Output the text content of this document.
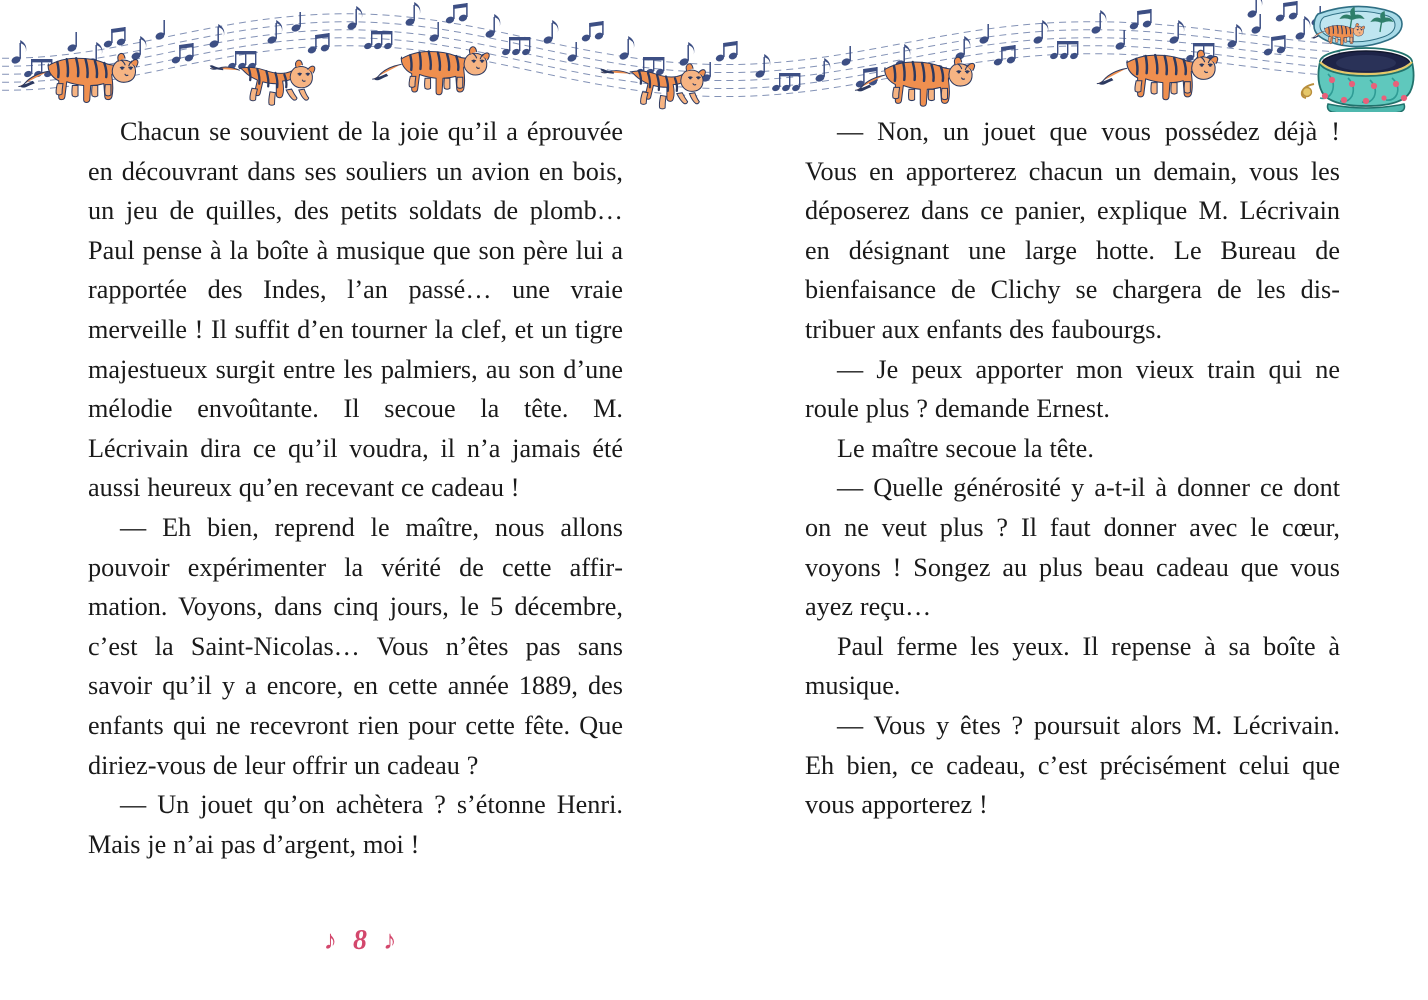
Chacun se souvient de la joie qu’il a éprouvée en découvrant dans ses souliers un avion en bois, un jeu de quilles, des petits soldats de plomb… Paul pense à la boîte à musique que son père lui a rapportée des Indes, l’an passé… une vraie merveille ! Il suffit d’en tourner la clef, et un tigre majestueux surgit entre les palmiers, au son d’une mélodie envoûtante. Il secoue la tête. M. Lécrivain dira ce qu’il voudra, il n’a jamais été aussi heureux qu’en recevant ce cadeau !

— Eh bien, reprend le maître, nous allons pouvoir expérimenter la vérité de cette affirmation. Voyons, dans cinq jours, le 5 décembre, c’est la Saint-Nicolas… Vous n’êtes pas sans savoir qu’il y a encore, en cette année 1889, des enfants qui ne recevront rien pour cette fête. Que diriez-vous de leur offrir un cadeau ?

— Un jouet qu’on achètera ? s’étonne Henri. Mais je n’ai pas d’argent, moi !

— Non, un jouet que vous possédez déjà ! Vous en apporterez chacun un demain, vous les déposerez dans ce panier, explique M. Lécrivain en désignant une large hotte. Le Bureau de bienfaisance de Clichy se chargera de les distribuer aux enfants des faubourgs.

— Je peux apporter mon vieux train qui ne roule plus ? demande Ernest.

Le maître secoue la tête.

— Quelle générosité y a-t-il à donner ce dont on ne veut plus ? Il faut donner avec le cœur, voyons ! Songez au plus beau cadeau que vous ayez reçu…

Paul ferme les yeux. Il repense à sa boîte à musique.

— Vous y êtes ? poursuit alors M. Lécrivain. Eh bien, ce cadeau, c’est précisément celui que vous apporterez !

♪ 8 ♪
